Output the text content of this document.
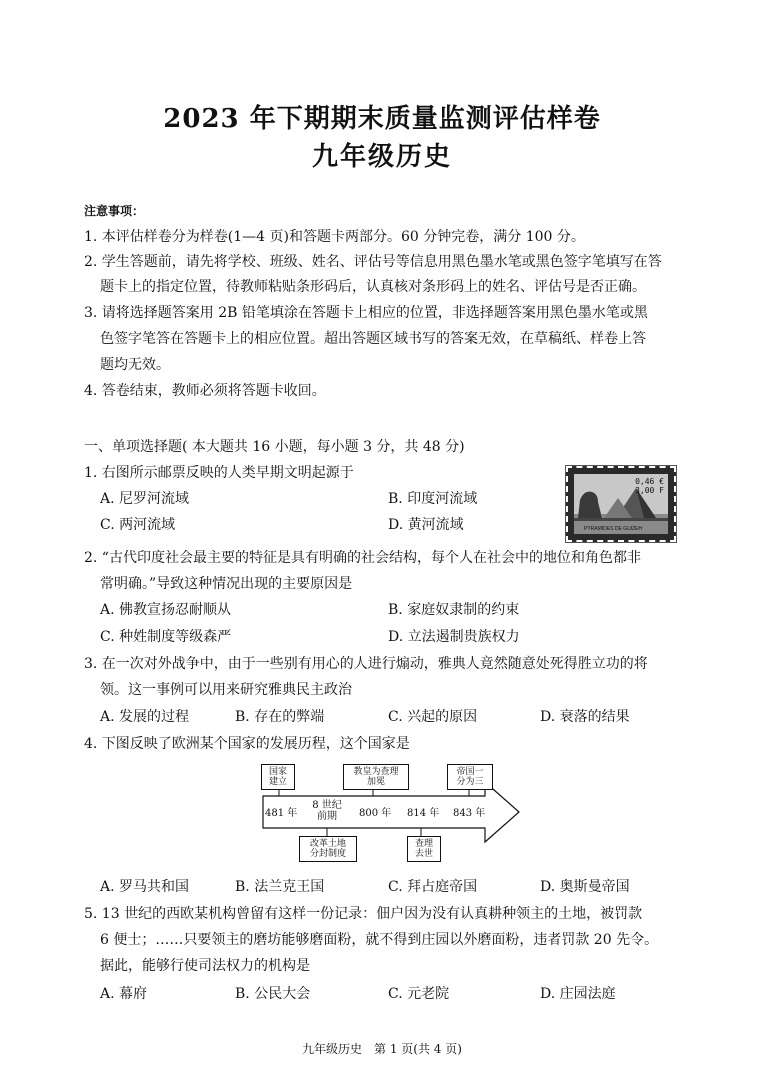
2023 年下期期末质量监测评估样卷
九年级历史
注意事项：
1. 本评估样卷分为样卷(1—4 页)和答题卡两部分。60 分钟完卷，满分 100 分。
2. 学生答题前，请先将学校、班级、姓名、评估号等信息用黑色墨水笔或黑色签字笔填写在答
题卡上的指定位置，待教师粘贴条形码后，认真核对条形码上的姓名、评估号是否正确。
3. 请将选择题答案用 2B 铅笔填涂在答题卡上相应的位置，非选择题答案用黑色墨水笔或黑
色签字笔答在答题卡上的相应位置。超出答题区域书写的答案无效，在草稿纸、样卷上答
题均无效。
4. 答卷结束，教师必须将答题卡收回。
一、单项选择题( 本大题共 16 小题，每小题 3 分，共 48 分)
1. 右图所示邮票反映的人类早期文明起源于
A. 尼罗河流域	B. 印度河流域
C. 两河流域	D. 黄河流域
0,46 €
3,00 F
PYRAMIDES DE GUIZEH
2. “古代印度社会最主要的特征是具有明确的社会结构，每个人在社会中的地位和角色都非
常明确。”导致这种情况出现的主要原因是
A. 佛教宣扬忍耐顺从	B. 家庭奴隶制的约束
C. 种姓制度等级森严	D. 立法遏制贵族权力
3. 在一次对外战争中，由于一些别有用心的人进行煽动，雅典人竟然随意处死得胜立功的将
领。这一事例可以用来研究雅典民主政治
A. 发展的过程	B. 存在的弊端	C. 兴起的原因	D. 衰落的结果
4. 下图反映了欧洲某个国家的发展历程，这个国家是
国家
建立
教皇为查理
加冕
帝国一
分为三
481 年
8 世纪
前期	800 年 814 年 843 年
改革土地
分封制度
查理
去世
A. 罗马共和国	B. 法兰克王国	C. 拜占庭帝国	D. 奥斯曼帝国
5. 13 世纪的西欧某机构曾留有这样一份记录：佃户因为没有认真耕种领主的土地，被罚款
6 便士；……只要领主的磨坊能够磨面粉，就不得到庄园以外磨面粉，违者罚款 20 先令。
据此，能够行使司法权力的机构是
A. 幕府	B. 公民大会	C. 元老院	D. 庄园法庭
九年级历史　第 1 页(共 4 页)
